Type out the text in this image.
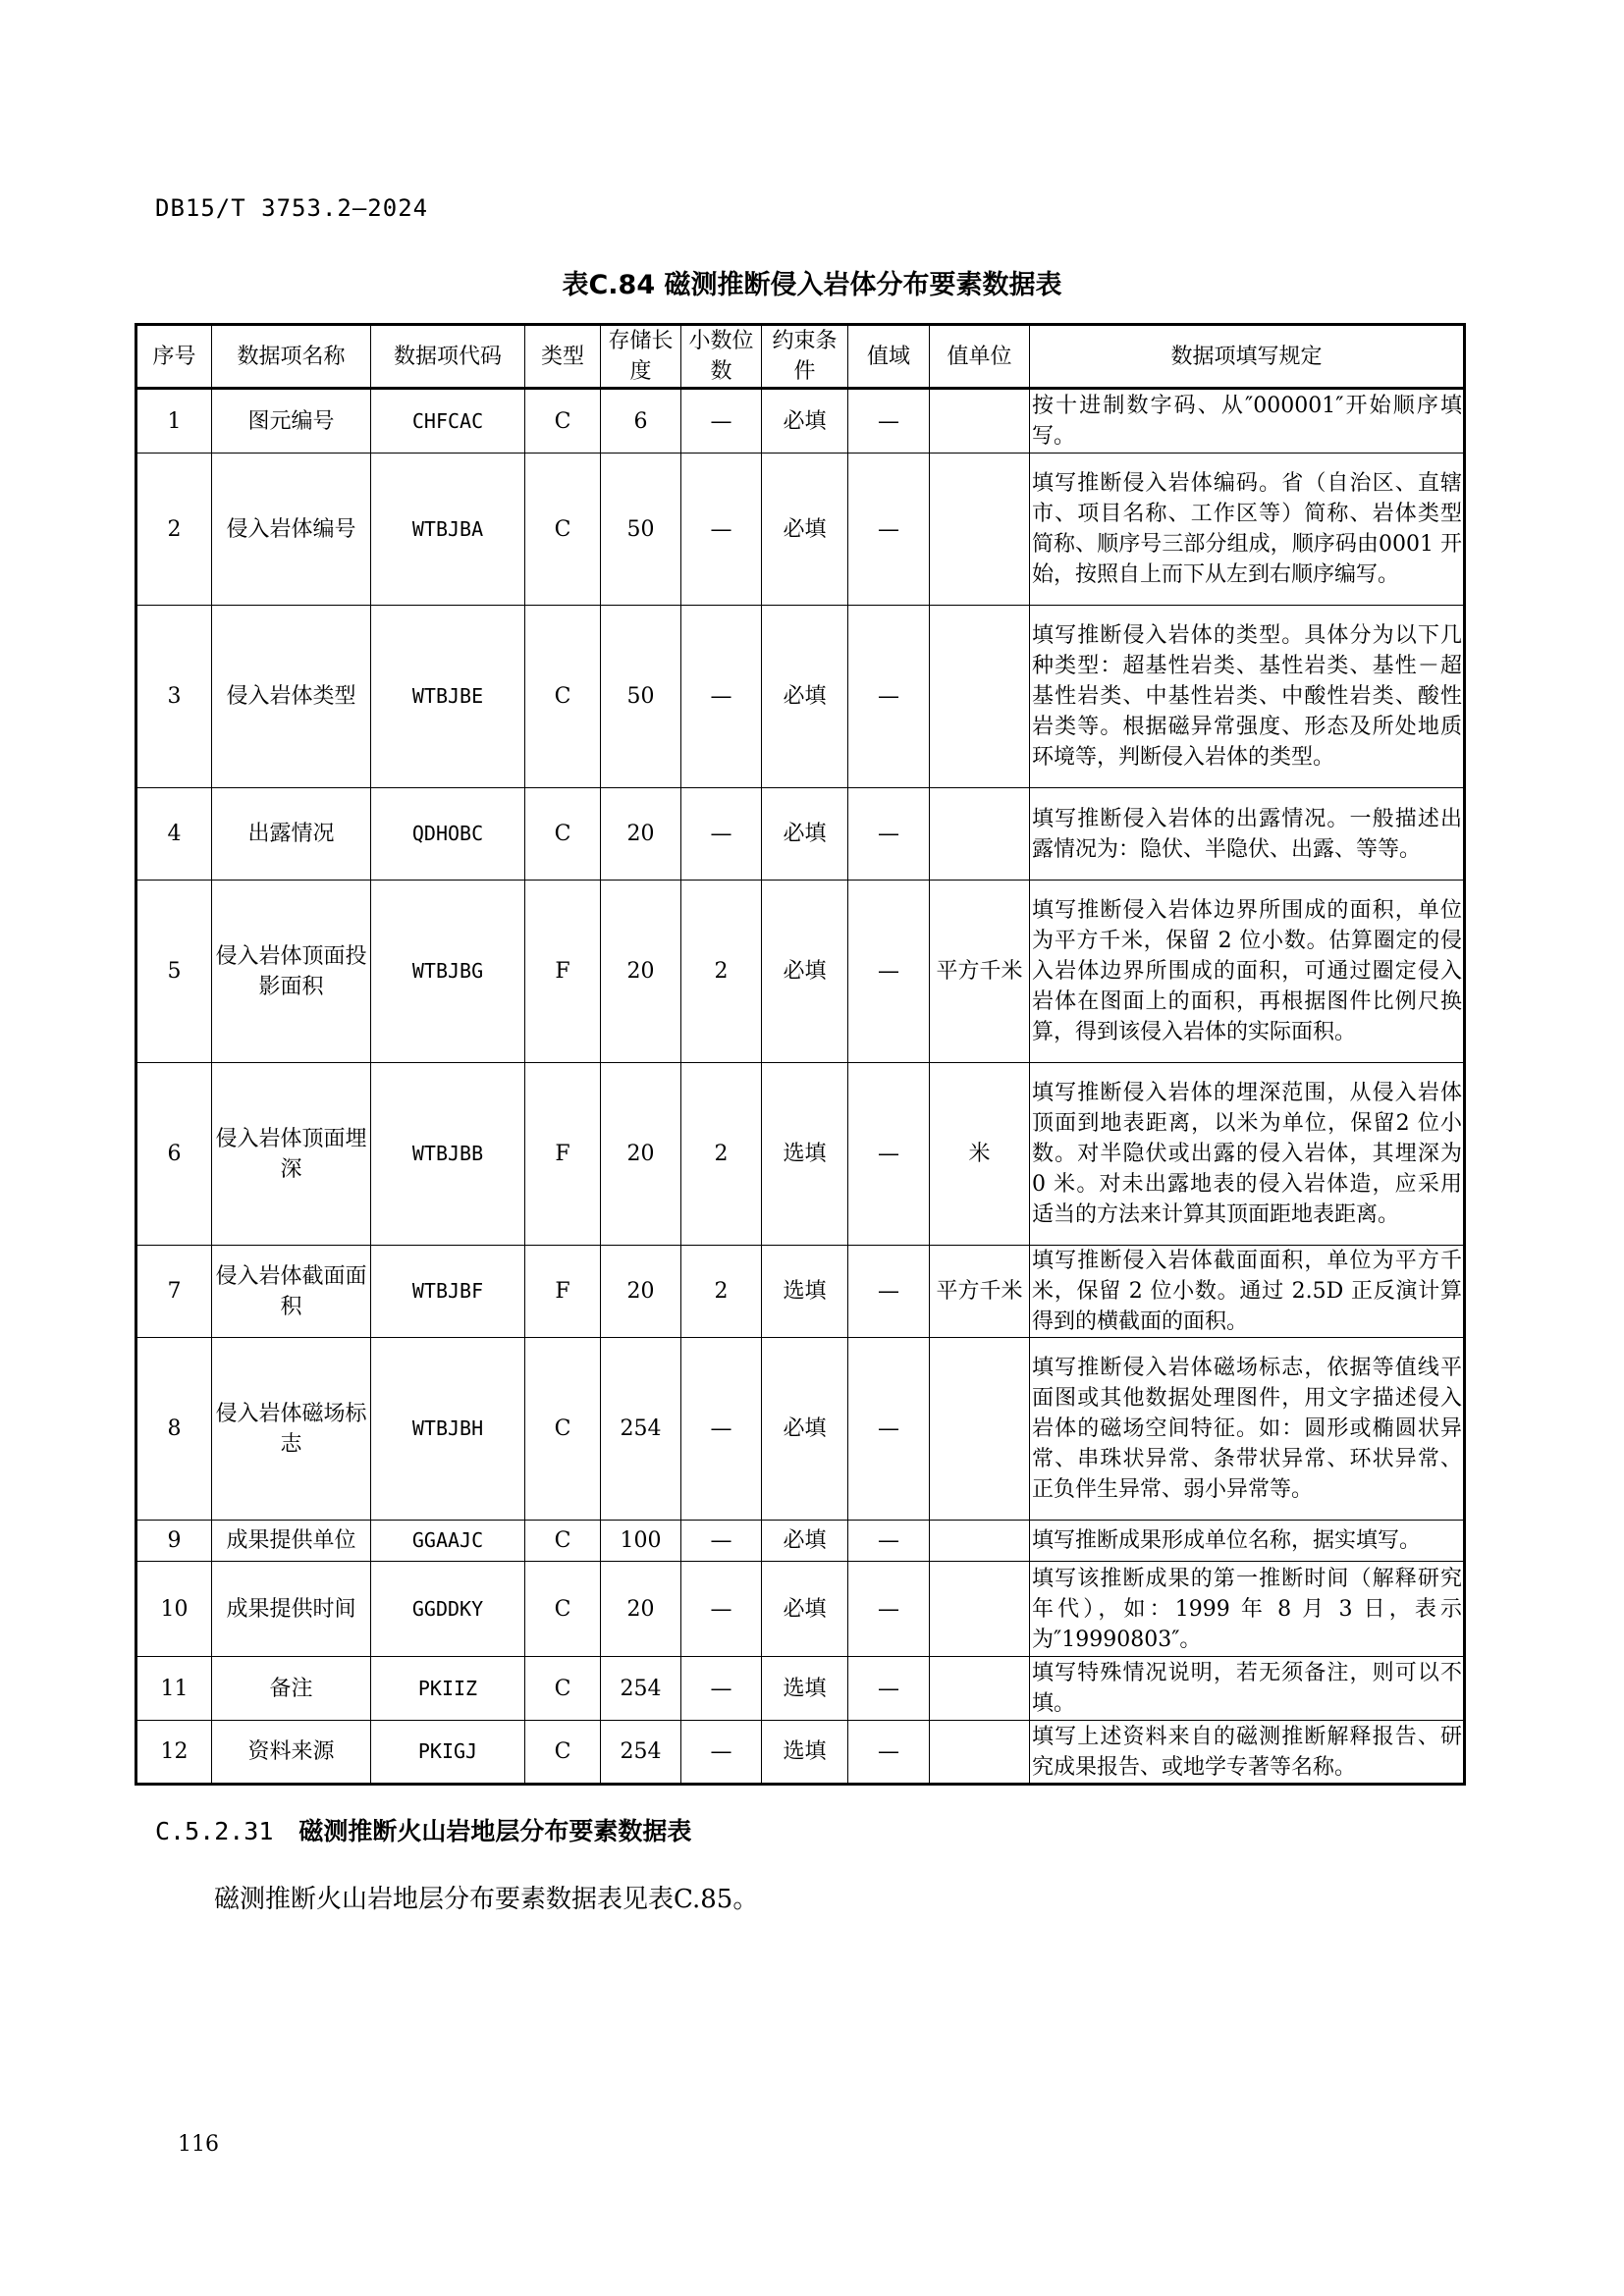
DB15/T 3753.2—2024
表C.84 磁测推断侵入岩体分布要素数据表
序号	数据项名称	数据项代码	类型	存储长度	小数位数	约束条件	值域	值单位	数据项填写规定
1	图元编号	CHFCAC	C	6	—	必填	—		按十进制数字码、从″000001″开始顺序填写。
2	侵入岩体编号	WTBJBA	C	50	—	必填	—		填写推断侵入岩体编码。省（自治区、直辖市、项目名称、工作区等）简称、岩体类型简称、顺序号三部分组成，顺序码由0001 开始，按照自上而下从左到右顺序编写。
3	侵入岩体类型	WTBJBE	C	50	—	必填	—		填写推断侵入岩体的类型。具体分为以下几种类型：超基性岩类、基性岩类、基性－超基性岩类、中基性岩类、中酸性岩类、酸性岩类等。根据磁异常强度、形态及所处地质环境等，判断侵入岩体的类型。
4	出露情况	QDHOBC	C	20	—	必填	—		填写推断侵入岩体的出露情况。一般描述出露情况为：隐伏、半隐伏、出露、等等。
5	侵入岩体顶面投影面积	WTBJBG	F	20	2	必填	—	平方千米	填写推断侵入岩体边界所围成的面积，单位为平方千米，保留 2 位小数。估算圈定的侵入岩体边界所围成的面积，可通过圈定侵入岩体在图面上的面积，再根据图件比例尺换算，得到该侵入岩体的实际面积。
6	侵入岩体顶面埋深	WTBJBB	F	20	2	选填	—	米	填写推断侵入岩体的埋深范围，从侵入岩体顶面到地表距离，以米为单位，保留2 位小数。对半隐伏或出露的侵入岩体，其埋深为 0 米。对未出露地表的侵入岩体造，应采用适当的方法来计算其顶面距地表距离。
7	侵入岩体截面面积	WTBJBF	F	20	2	选填	—	平方千米	填写推断侵入岩体截面面积，单位为平方千米，保留 2 位小数。通过 2.5D 正反演计算得到的横截面的面积。
8	侵入岩体磁场标志	WTBJBH	C	254	—	必填	—		填写推断侵入岩体磁场标志，依据等值线平面图或其他数据处理图件，用文字描述侵入岩体的磁场空间特征。如：圆形或椭圆状异常、串珠状异常、条带状异常、环状异常、正负伴生异常、弱小异常等。
9	成果提供单位	GGAAJC	C	100	—	必填	—		填写推断成果形成单位名称，据实填写。
10	成果提供时间	GGDDKY	C	20	—	必填	—		填写该推断成果的第一推断时间（解释研究年代），如：1999 年 8 月 3 日，表示为″19990803″。
11	备注	PKIIZ	C	254	—	选填	—		填写特殊情况说明，若无须备注，则可以不填。
12	资料来源	PKIGJ	C	254	—	选填	—		填写上述资料来自的磁测推断解释报告、研究成果报告、或地学专著等名称。
C.5.2.31 磁测推断火山岩地层分布要素数据表
磁测推断火山岩地层分布要素数据表见表C.85。
116
